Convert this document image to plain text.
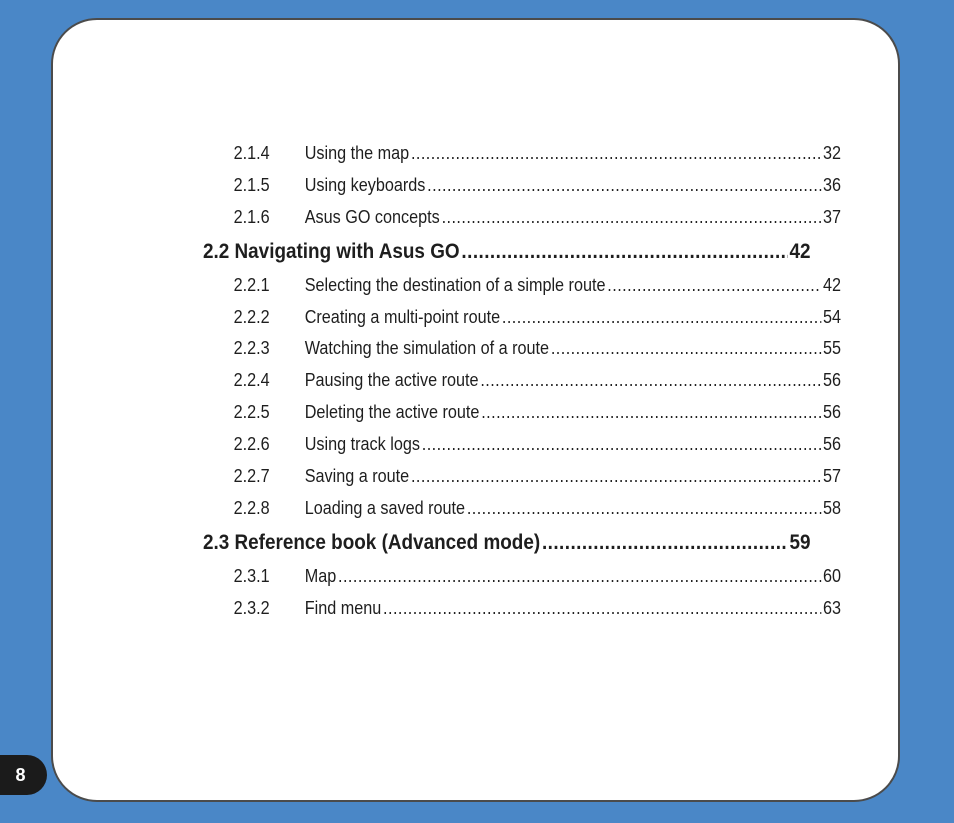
2.1.4	Using the map .....	32
2.1.5	Using keyboards .....	36
2.1.6	Asus GO concepts .....	37
2.2 Navigating with Asus GO .....	42
2.2.1	Selecting the destination of a simple route .....	42
2.2.2	Creating a multi-point route .....	54
2.2.3	Watching the simulation of a route .....	55
2.2.4	Pausing the active route .....	56
2.2.5	Deleting the active route .....	56
2.2.6	Using track logs .....	56
2.2.7	Saving a route .....	57
2.2.8	Loading a saved route .....	58
2.3 Reference book (Advanced mode) .....	59
2.3.1	Map .....	60
2.3.2	Find menu .....	63
8
